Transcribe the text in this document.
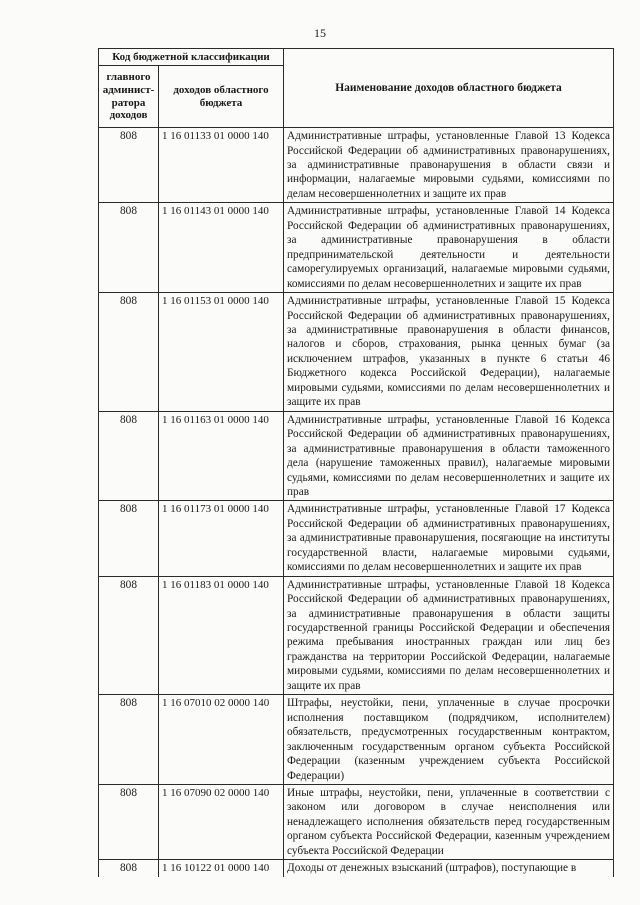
15
Код бюджетной классификации		Наименование доходов областного бюджета
главного админист-ратора доходов	доходов областного бюджета	
808	1 16 01133 01 0000 140	Административные штрафы, установленные Главой 13 Кодекса Российской Федерации об административных правонарушениях, за административные правонарушения в области связи и информации, налагаемые мировыми судьями, комиссиями по делам несовершеннолетних и защите их прав
808	1 16 01143 01 0000 140	Административные штрафы, установленные Главой 14 Кодекса Российской Федерации об административных правонарушениях, за административные правонарушения в области предпринимательской деятельности и деятельности саморегулируемых организаций, налагаемые мировыми судьями, комиссиями по делам несовершеннолетних и защите их прав
808	1 16 01153 01 0000 140	Административные штрафы, установленные Главой 15 Кодекса Российской Федерации об административных правонарушениях, за административные правонарушения в области финансов, налогов и сборов, страхования, рынка ценных бумаг (за исключением штрафов, указанных в пункте 6 статьи 46 Бюджетного кодекса Российской Федерации), налагаемые мировыми судьями, комиссиями по делам несовершеннолетних и защите их прав
808	1 16 01163 01 0000 140	Административные штрафы, установленные Главой 16 Кодекса Российской Федерации об административных правонарушениях, за административные правонарушения в области таможенного дела (нарушение таможенных правил), налагаемые мировыми судьями, комиссиями по делам несовершеннолетних и защите их прав
808	1 16 01173 01 0000 140	Административные штрафы, установленные Главой 17 Кодекса Российской Федерации об административных правонарушениях, за административные правонарушения, посягающие на институты государственной власти, налагаемые мировыми судьями, комиссиями по делам несовершеннолетних и защите их прав
808	1 16 01183 01 0000 140	Административные штрафы, установленные Главой 18 Кодекса Российской Федерации об административных правонарушениях, за административные правонарушения в области защиты государственной границы Российской Федерации и обеспечения режима пребывания иностранных граждан или лиц без гражданства на территории Российской Федерации, налагаемые мировыми судьями, комиссиями по делам несовершеннолетних и защите их прав
808	1 16 07010 02 0000 140	Штрафы, неустойки, пени, уплаченные в случае просрочки исполнения поставщиком (подрядчиком, исполнителем) обязательств, предусмотренных государственным контрактом, заключенным государственным органом субъекта Российской Федерации (казенным учреждением субъекта Российской Федерации)
808	1 16 07090 02 0000 140	Иные штрафы, неустойки, пени, уплаченные в соответствии с законом или договором в случае неисполнения или ненадлежащего исполнения обязательств перед государственным органом субъекта Российской Федерации, казенным учреждением субъекта Российской Федерации
808	1 16 10122 01 0000 140	Доходы от денежных взысканий (штрафов), поступающие в
